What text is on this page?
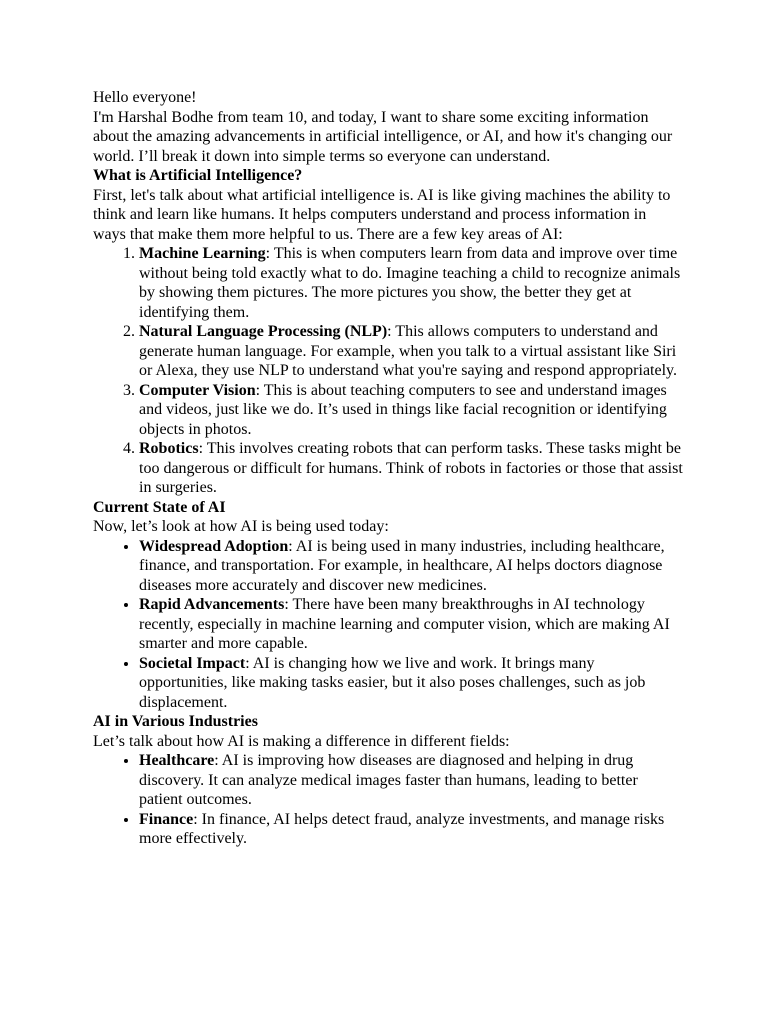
Hello everyone!

I'm Harshal Bodhe from team 10, and today, I want to share some exciting information about the amazing advancements in artificial intelligence, or AI, and how it's changing our world. I’ll break it down into simple terms so everyone can understand.

What is Artificial Intelligence?

First, let's talk about what artificial intelligence is. AI is like giving machines the ability to think and learn like humans. It helps computers understand and process information in ways that make them more helpful to us. There are a few key areas of AI:

1. Machine Learning: This is when computers learn from data and improve over time without being told exactly what to do. Imagine teaching a child to recognize animals by showing them pictures. The more pictures you show, the better they get at identifying them.
2. Natural Language Processing (NLP): This allows computers to understand and generate human language. For example, when you talk to a virtual assistant like Siri or Alexa, they use NLP to understand what you're saying and respond appropriately.
3. Computer Vision: This is about teaching computers to see and understand images and videos, just like we do. It’s used in things like facial recognition or identifying objects in photos.
4. Robotics: This involves creating robots that can perform tasks. These tasks might be too dangerous or difficult for humans. Think of robots in factories or those that assist in surgeries.
Current State of AI

Now, let’s look at how AI is being used today:

• Widespread Adoption: AI is being used in many industries, including healthcare, finance, and transportation. For example, in healthcare, AI helps doctors diagnose diseases more accurately and discover new medicines.
• Rapid Advancements: There have been many breakthroughs in AI technology recently, especially in machine learning and computer vision, which are making AI smarter and more capable.
• Societal Impact: AI is changing how we live and work. It brings many opportunities, like making tasks easier, but it also poses challenges, such as job displacement.
AI in Various Industries

Let’s talk about how AI is making a difference in different fields:

• Healthcare: AI is improving how diseases are diagnosed and helping in drug discovery. It can analyze medical images faster than humans, leading to better patient outcomes.
• Finance: In finance, AI helps detect fraud, analyze investments, and manage risks more effectively.
